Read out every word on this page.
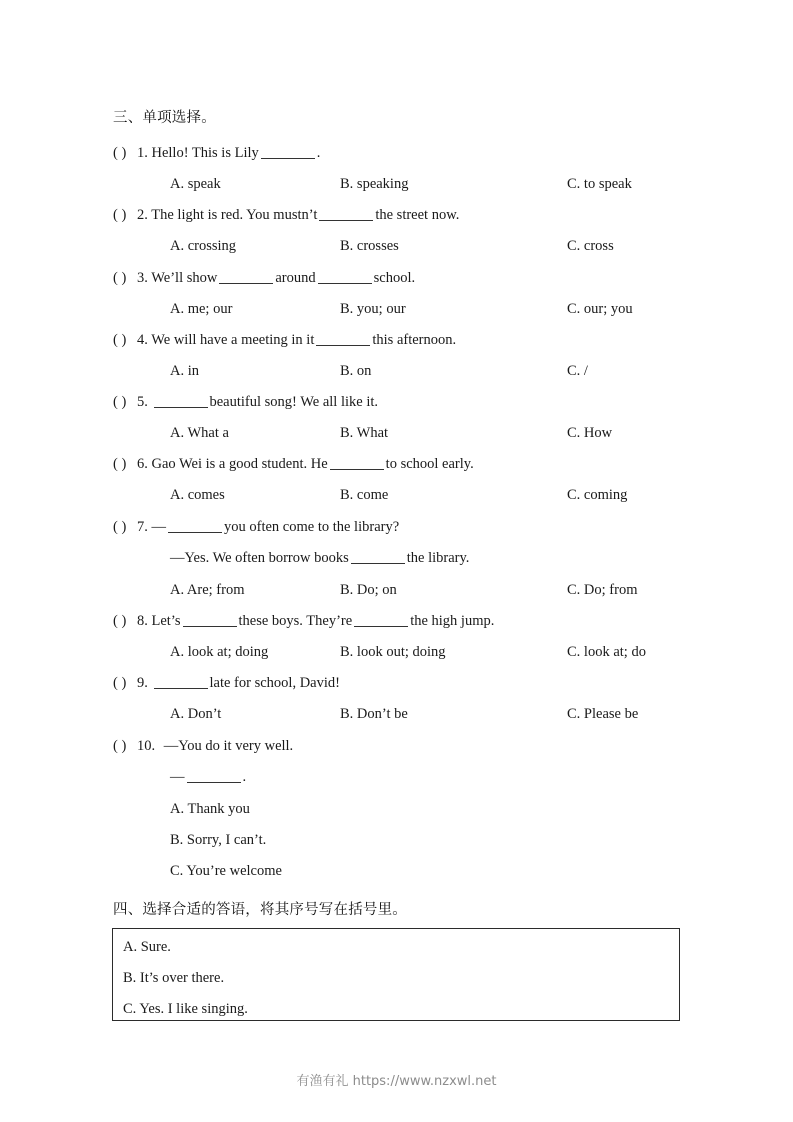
三、单项选择。
( ) 1. Hello! This is Lily	.
A. speak	B. speaking	C. to speak
( ) 2. The light is red. You mustn’t	the street now.
A. crossing	B. crosses	C. cross
( ) 3. We’ll show	around	school.
A. me; our	B. you; our	C. our; you
( ) 4. We will have a meeting in it	this afternoon.
A. in	B. on	C. /
( ) 5.	beautiful song! We all like it.
A. What a	B. What	C. How
( ) 6. Gao Wei is a good student. He	to school early.
A. comes	B. come	C. coming
( ) 7. —	you often come to the library?
—Yes. We often borrow books	the library.
A. Are; from	B. Do; on	C. Do; from
( ) 8. Let’s	these boys. They’re	the high jump.
A. look at; doing	B. look out; doing	C. look at; do
( ) 9.	late for school, David!
A. Don’t	B. Don’t be	C. Please be
( ) 10. —You do it very well.
—	.
A. Thank you
B. Sorry, I can’t.
C. You’re welcome
四、选择合适的答语，将其序号写在括号里。
A. Sure.
B. It’s over there.
C. Yes. I like singing.
有渔有礼 https://www.nzxwl.net
